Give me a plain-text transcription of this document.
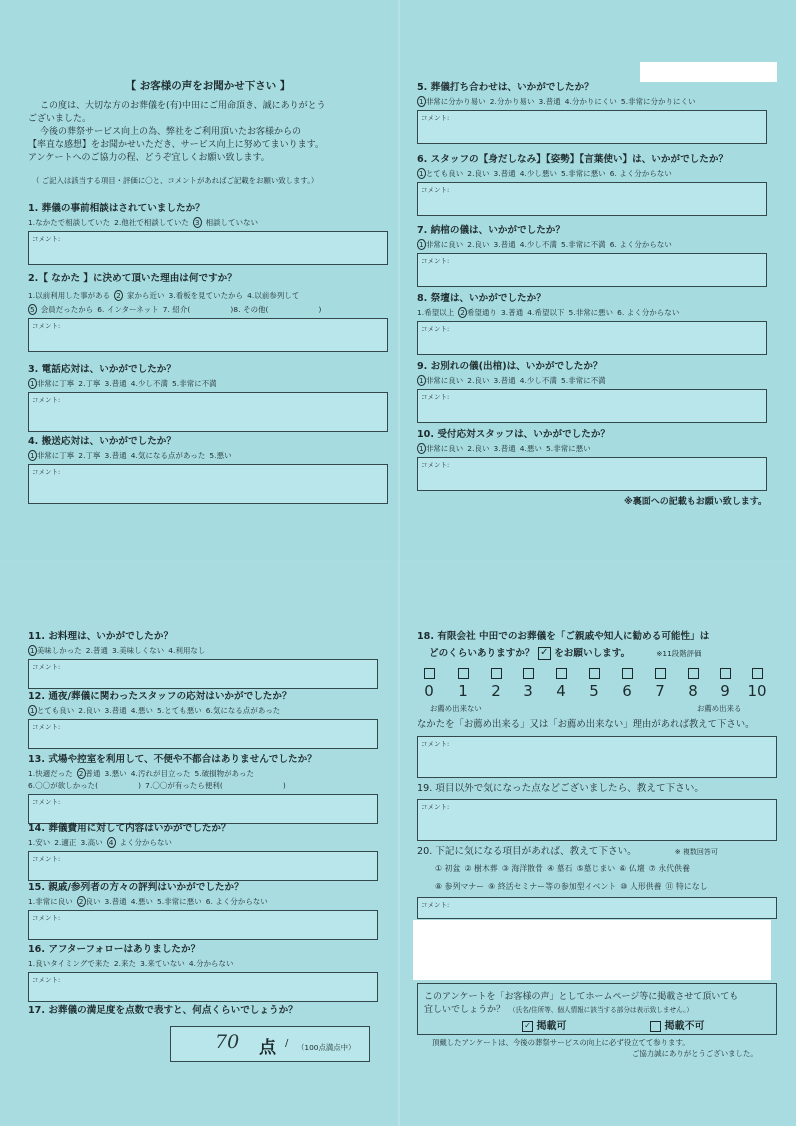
【 お客様の声をお聞かせ下さい 】
この度は、大切な方のお葬儀を(有)中田にご用命頂き、誠にありがとう
ございました。
今後の葬祭サービス向上の為、弊社をご利用頂いたお客様からの
【率直な感想】をお聞かせいただき、サービス向上に努めてまいります。
アンケートへのご協力の程、どうぞ宜しくお願い致します。
（ ご記入は該当する項目・評価に〇と、コメントがあればご記載をお願い致します。）
1. 葬儀の事前相談はされていましたか？
1.なかたで相談していた 2.他社で相談していた 3 相談していない
コメント:
2.【 なかた 】に決めて頂いた理由は何ですか？
1.以前利用した事がある 2 家から近い 3.看板を見ていたから 4.以前参列して
5 会員だったから 6. インターネット 7. 紹介(	)8. その他(	)
コメント:
3. 電話応対は、いかがでしたか？
1 非常に丁寧 2.丁寧 3.普通 4.少し不満 5.非常に不満
コメント:
4. 搬送応対は、いかがでしたか？
1 非常に丁寧 2.丁寧 3.普通 4.気になる点があった 5.悪い
コメント:
5. 葬儀打ち合わせは、いかがでしたか？
1 非常に分かり易い 2.分かり易い 3.普通 4.分かりにくい 5.非常に分かりにくい
コメント:
6. スタッフの【身だしなみ】【姿勢】【言葉使い】は、いかがでしたか？
1 とても良い 2.良い 3.普通 4.少し悪い 5.非常に悪い 6. よく分からない
コメント:
7. 納棺の儀は、いかがでしたか？
1 非常に良い 2.良い 3.普通 4.少し不満 5.非常に不満 6. よく分からない
コメント:
8. 祭壇は、いかがでしたか？
1.希望以上 2 希望通り 3.普通 4.希望以下 5.非常に悪い 6. よく分からない
コメント:
9. お別れの儀(出棺)は、いかがでしたか？
1 非常に良い 2.良い 3.普通 4.少し不満 5.非常に不満
コメント:
10. 受付応対スタッフは、いかがでしたか？
1 非常に良い 2.良い 3.普通 4.悪い 5.非常に悪い
コメント:
※裏面への記載もお願い致します。
11. お料理は、いかがでしたか？
1 美味しかった 2.普通 3.美味しくない 4.利用なし
コメント:
12. 通夜/葬儀に関わったスタッフの応対はいかがでしたか？
1 とても良い 2.良い 3.普通 4.悪い 5.とても悪い 6.気になる点があった
コメント:
13. 式場や控室を利用して、不便や不都合はありませんでしたか？
1.快適だった 2 普通 3.悪い 4.汚れが目立った 5.破損物があった
6.〇〇が欲しかった(	) 7.〇〇が有ったら便利(	)
コメント:
14. 葬儀費用に対して内容はいかがでしたか？
1.安い 2.適正 3.高い 4 よく分からない
コメント:
15. 親戚/参列者の方々の評判はいかがでしたか？
1.非常に良い 2 良い 3.普通 4.悪い 5.非常に悪い 6. よく分からない
コメント:
16. アフターフォローはありましたか？
1.良いタイミングで来た 2.来た 3.来ていない 4.分からない
コメント:
17. お葬儀の満足度を点数で表すと、何点くらいでしょうか？
70 点 / （100点満点中）
18. 有限会社 中田でのお葬儀を「ご親戚や知人に勧める可能性」は
どのくらいありますか？ ✓ をお願いします。	※11段階評価
0	1	2	3	4	5	6	7	8	9	10
お薦め出来ない	お薦め出来る
なかたを「お薦め出来る」又は「お薦め出来ない」理由があれば教えて下さい。
コメント:
19. 項目以外で気になった点などございましたら、教えて下さい。
コメント:
20. 下記に気になる項目があれば、教えて下さい。	※ 複数回答可
① 初盆 ② 樹木葬 ③ 海洋散骨 ④ 墓石 ⑤墓じまい ⑥ 仏壇 ⑦ 永代供養
⑧ 参列マナー ⑨ 終活セミナー等の参加型イベント ⑩ 人形供養 ⑪ 特になし
コメント:
このアンケートを「お客様の声」としてホームページ等に掲載させて頂いても
宜しいでしょうか？ （氏名/住所等、個人情報に該当する部分は表示致しません。）
✓ 掲載可	掲載不可
頂戴したアンケートは、今後の葬祭サービスの向上に必ず役立てて参ります。
ご協力誠にありがとうございました。
